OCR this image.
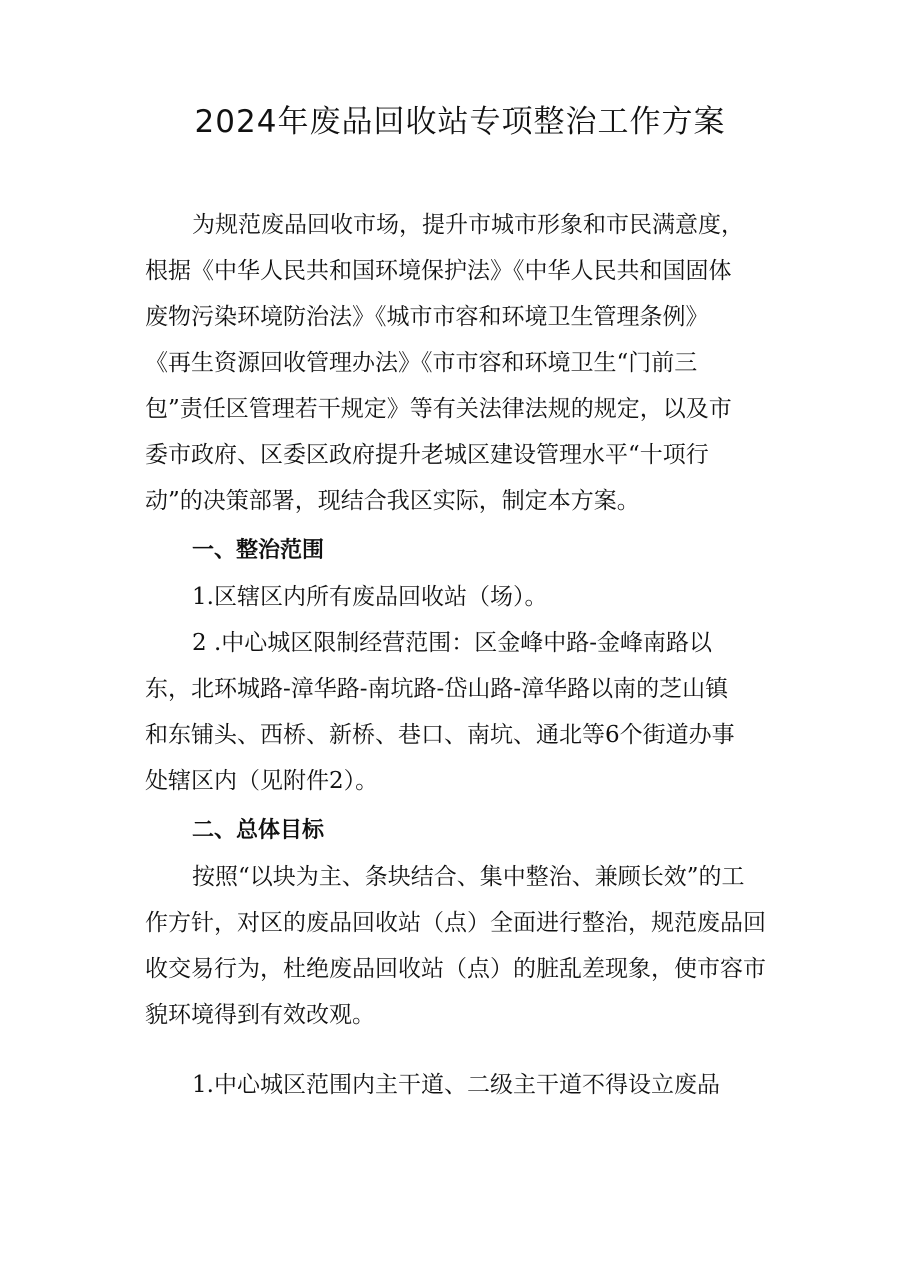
2024年废品回收站专项整治工作方案

为规范废品回收市场，提升市城市形象和市民满意度，

根据《中华人民共和国环境保护法》《中华人民共和国固体

废物污染环境防治法》《城市市容和环境卫生管理条例》

《再生资源回收管理办法》《市市容和环境卫生“门前三

包”责任区管理若干规定》等有关法律法规的规定，以及市

委市政府、区委区政府提升老城区建设管理水平“十项行

动”的决策部署，现结合我区实际，制定本方案。

一、整治范围

1.区辖区内所有废品回收站（场）。

2 .中心城区限制经营范围：区金峰中路-金峰南路以

东，北环城路-漳华路-南坑路-岱山路-漳华路以南的芝山镇

和东铺头、西桥、新桥、巷口、南坑、通北等6个街道办事

处辖区内（见附件2）。

二、总体目标

按照“以块为主、条块结合、集中整治、兼顾长效”的工

作方针，对区的废品回收站（点）全面进行整治，规范废品回

收交易行为，杜绝废品回收站（点）的脏乱差现象，使市容市

貌环境得到有效改观。

1.中心城区范围内主干道、二级主干道不得设立废品
